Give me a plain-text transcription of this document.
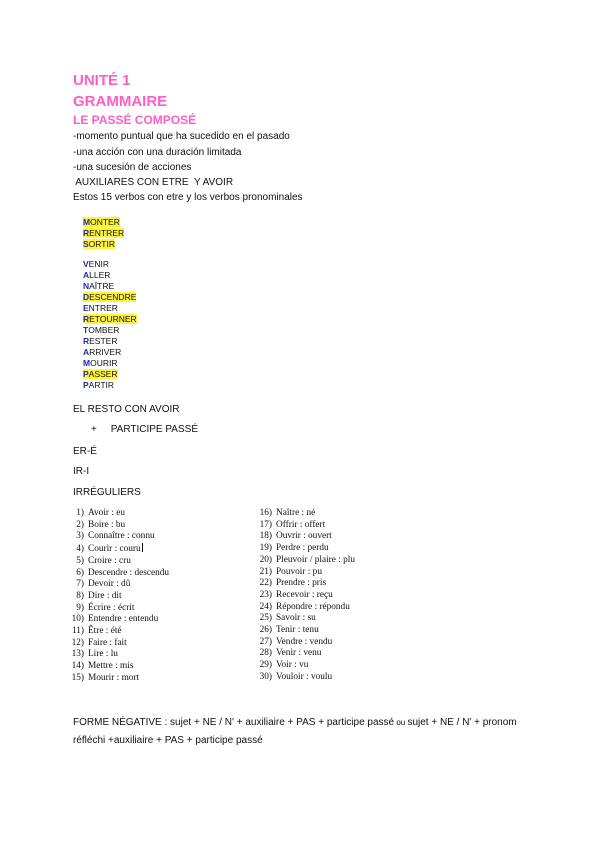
UNITÉ 1
GRAMMAIRE
LE PASSÉ COMPOSÉ
-momento puntual que ha sucedido en el pasado
-una acción con una duración limitada
-una sucesión de acciones
AUXILIARES CON ETRE  Y AVOIR
Estos 15 verbos con etre y los verbos pronominales
MONTER
RENTRER
SORTIR
VENIR
ALLER
NAÎTRE
DESCENDRE
ENTRER
RETOURNER
TOMBER
RESTER
ARRIVER
MOURIR
PASSER
PARTIR
EL RESTO CON AVOIR
+     PARTICIPE PASSÉ
ER-É
IR-I
IRRÉGULIERS
1) Avoir : eu
2) Boire : bu
3) Connaître : connu
4) Courir : couru
5) Croire : cru
6) Descendre : descendu
7) Devoir : dû
8) Dire : dit
9) Écrire : écrit
10) Entendre : entendu
11) Être : été
12) Faire : fait
13) Lire : lu
14) Mettre : mis
15) Mourir : mort
16) Naître : né
17) Offrir : offert
18) Ouvrir : ouvert
19) Perdre : perdu
20) Pleuvoir / plaire : plu
21) Pouvoir : pu
22) Prendre : pris
23) Recevoir : reçu
24) Répondre : répondu
25) Savoir : su
26) Tenir : tenu
27) Vendre : vendu
28) Venir : venu
29) Voir : vu
30) Vouloir : voulu
FORME NÉGATIVE : sujet + NE / N' + auxiliaire + PAS + participe passé ou sujet + NE / N' + pronom réfléchi +auxiliaire + PAS + participe passé
